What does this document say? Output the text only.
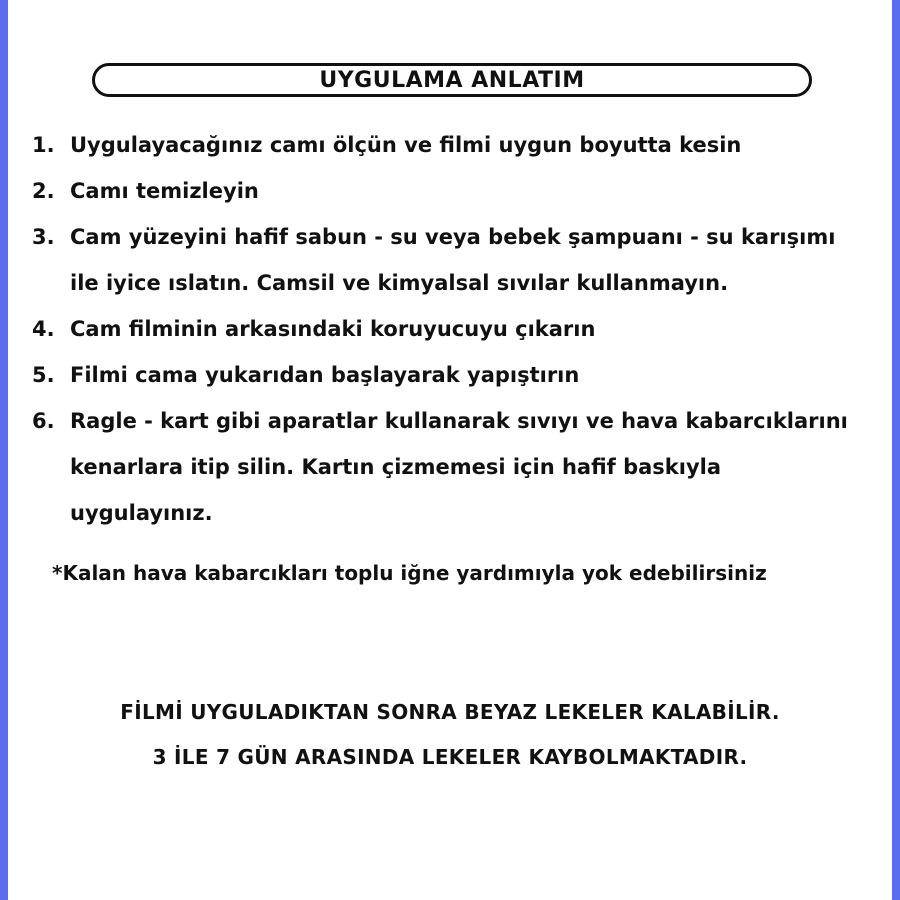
UYGULAMA ANLATIM
1. Uygulayacağınız camı ölçün ve filmi uygun boyutta kesin
2. Camı temizleyin
3. Cam yüzeyini hafif sabun - su veya bebek şampuanı - su karışımı ile iyice ıslatın. Camsil ve kimyalsal sıvılar kullanmayın.
4. Cam filminin arkasındaki koruyucuyu çıkarın
5. Filmi cama yukarıdan başlayarak yapıştırın
6. Ragle - kart gibi aparatlar kullanarak sıvıyı ve hava kabarcıklarını kenarlara itip silin. Kartın çizmemesi için hafif baskıyla uygulayınız.
*Kalan hava kabarcıkları toplu iğne yardımıyla yok edebilirsiniz
FİLMİ UYGULADIKTAN SONRA BEYAZ LEKELER KALABİLİR.
3 İLE 7 GÜN ARASINDA LEKELER KAYBOLMAKTADIR.
